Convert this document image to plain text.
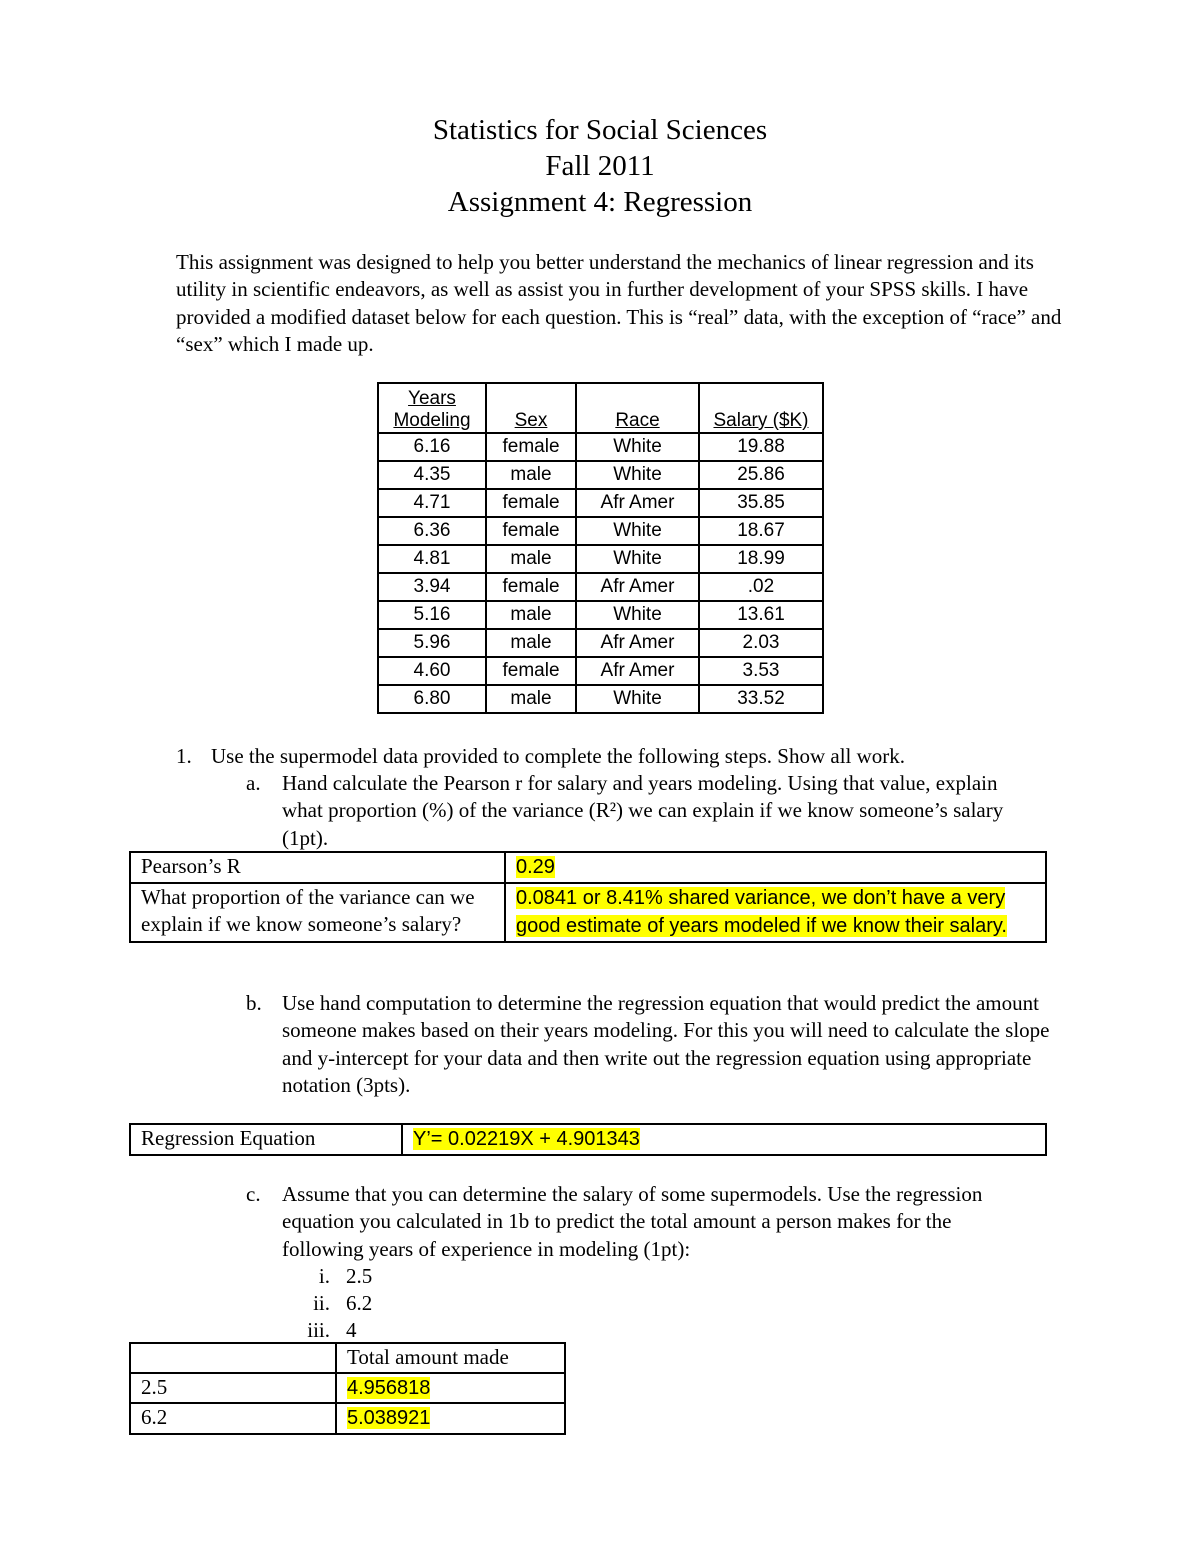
Statistics for Social Sciences
Fall 2011
Assignment 4: Regression
This assignment was designed to help you better understand the mechanics of linear regression and its utility in scientific endeavors, as well as assist you in further development of your SPSS skills. I have provided a modified dataset below for each question. This is “real” data, with the exception of “race” and “sex” which I made up.
Years Modeling	Sex	Race	Salary ($K)
6.16	female	White	19.88
4.35	male	White	25.86
4.71	female	Afr Amer	35.85
6.36	female	White	18.67
4.81	male	White	18.99
3.94	female	Afr Amer	.02
5.16	male	White	13.61
5.96	male	Afr Amer	2.03
4.60	female	Afr Amer	3.53
6.80	male	White	33.52
1. Use the supermodel data provided to complete the following steps. Show all work.
a. Hand calculate the Pearson r for salary and years modeling. Using that value, explain what proportion (%) of the variance (R²) we can explain if we know someone’s salary (1pt).
Pearson’s R	0.29
What proportion of the variance can we explain if we know someone’s salary?	0.0841 or 8.41% shared variance, we don’t have a very good estimate of years modeled if we know their salary.
b. Use hand computation to determine the regression equation that would predict the amount someone makes based on their years modeling. For this you will need to calculate the slope and y-intercept for your data and then write out the regression equation using appropriate notation (3pts).
Regression Equation	Y’= 0.02219X + 4.901343
c. Assume that you can determine the salary of some supermodels. Use the regression equation you calculated in 1b to predict the total amount a person makes for the following years of experience in modeling (1pt):
i. 2.5
ii. 6.2
iii. 4
	Total amount made
2.5	4.956818
6.2	5.038921
